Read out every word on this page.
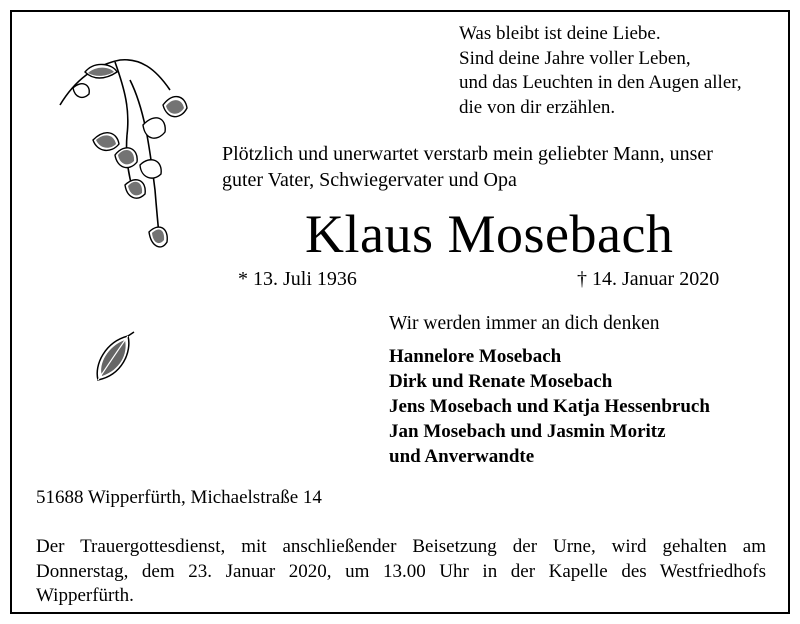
Was bleibt ist deine Liebe.
Sind deine Jahre voller Leben,
und das Leuchten in den Augen aller,
die von dir erzählen.
Plötzlich und unerwartet verstarb mein geliebter Mann, unser
guter Vater, Schwiegervater und Opa
Klaus Mosebach
* 13. Juli 1936	† 14. Januar 2020
Wir werden immer an dich denken
Hannelore Mosebach
Dirk und Renate Mosebach
Jens Mosebach und Katja Hessenbruch
Jan Mosebach und Jasmin Moritz
und Anverwandte
51688 Wipperfürth, Michaelstraße 14
Der Trauergottesdienst, mit anschließender Beisetzung der Urne, wird gehalten am
Donnerstag, dem 23. Januar 2020, um 13.00 Uhr in der Kapelle des Westfriedhofs
Wipperfürth.
